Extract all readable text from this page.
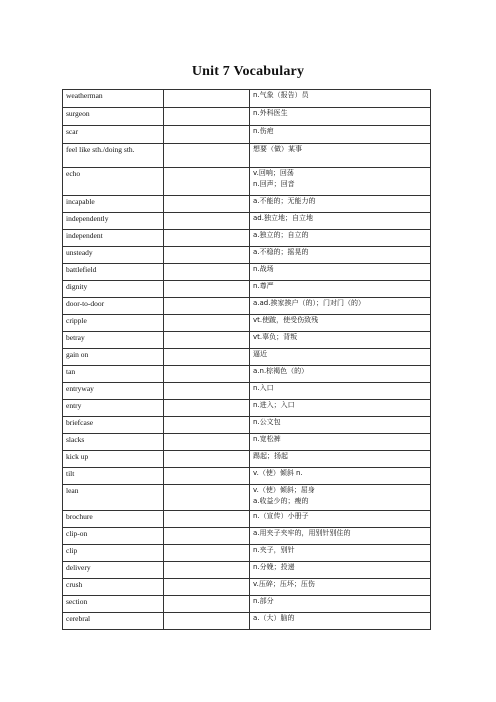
Unit 7 Vocabulary
weatherman		n.气象（报告）员

surgeon		n.外科医生

scar		n.伤疤

feel like sth./doing sth.		想要（做）某事

echo		v.回响；回荡
n.回声；回音

incapable		a.不能的；无能力的

independently		ad.独立地；自立地

independent		a.独立的；自立的

unsteady		a.不稳的；摇晃的

battlefield		n.战场

dignity		n.尊严

door-to-door		a.ad.挨家挨户（的）；门对门（的）

cripple		vt.使跛，使受伤致残

betray		vt.辜负；背叛

gain on		逼近

tan		a.n.棕褐色（的）

entryway		n.入口

entry		n.进入；入口

briefcase		n.公文包

slacks		n.宽松裤

kick up		踢起；扬起

tilt		v.（使）倾斜 n.

lean		v.（使）倾斜；屈身
a.收益少的；瘦的

brochure		n.（宣传）小册子

clip-on		a.用夹子夹牢的，用别针别住的

clip		n.夹子，别针

delivery		n.分娩；投递

crush		v.压碎；压坏；压伤

section		n.部分

cerebral		a.（大）脑的
